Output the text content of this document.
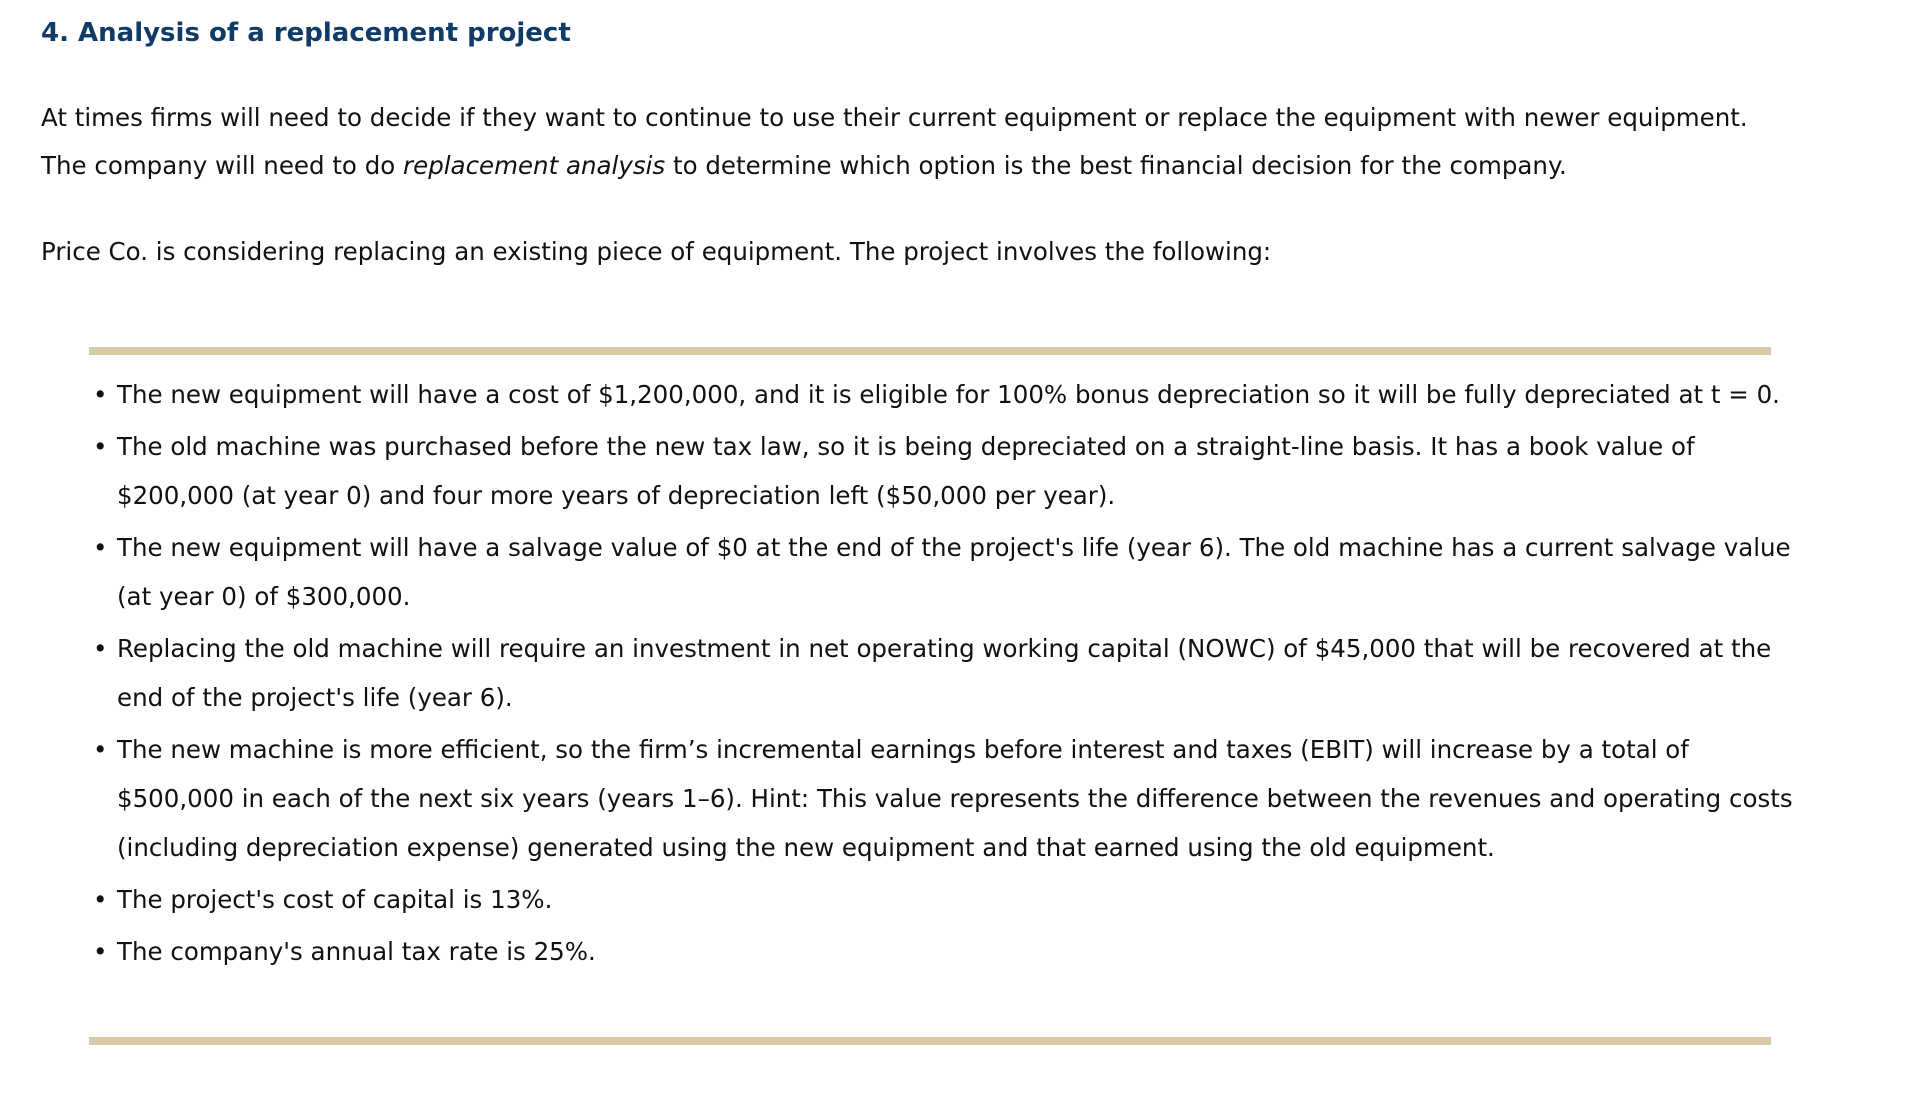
4. Analysis of a replacement project

At times firms will need to decide if they want to continue to use their current equipment or replace the equipment with newer equipment. The company will need to do replacement analysis to determine which option is the best financial decision for the company.

Price Co. is considering replacing an existing piece of equipment. The project involves the following:

• The new equipment will have a cost of $1,200,000, and it is eligible for 100% bonus depreciation so it will be fully depreciated at t = 0.
• The old machine was purchased before the new tax law, so it is being depreciated on a straight-line basis. It has a book value of $200,000 (at year 0) and four more years of depreciation left ($50,000 per year).
• The new equipment will have a salvage value of $0 at the end of the project's life (year 6). The old machine has a current salvage value (at year 0) of $300,000.
• Replacing the old machine will require an investment in net operating working capital (NOWC) of $45,000 that will be recovered at the end of the project's life (year 6).
• The new machine is more efficient, so the firm’s incremental earnings before interest and taxes (EBIT) will increase by a total of $500,000 in each of the next six years (years 1–6). Hint: This value represents the difference between the revenues and operating costs (including depreciation expense) generated using the new equipment and that earned using the old equipment.
• The project's cost of capital is 13%.
• The company's annual tax rate is 25%.
